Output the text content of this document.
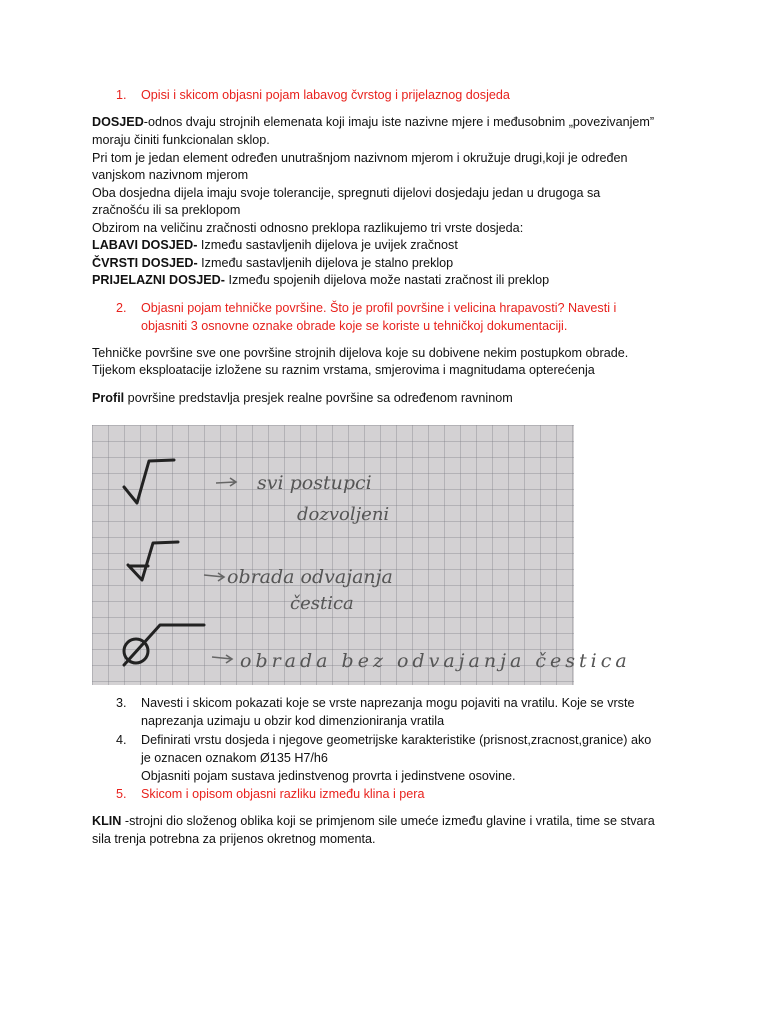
1. Opisi i skicom objasni pojam labavog čvrstog i prijelaznog dosjeda
DOSJED-odnos dvaju strojnih elemenata koji imaju iste nazivne mjere i međusobnim „povezivanjem”
moraju činiti funkcionalan sklop.
Pri tom je jedan element određen unutrašnjom nazivnom mjerom i okružuje drugi,koji je određen
vanjskom nazivnom mjerom
Oba dosjedna dijela imaju svoje tolerancije, spregnuti dijelovi dosjedaju jedan u drugoga sa
zračnošću ili sa preklopom
Obzirom na veličinu zračnosti odnosno preklopa razlikujemo tri vrste dosjeda:
LABAVI DOSJED- Između sastavljenih dijelova je uvijek zračnost
ČVRSTI DOSJED- Između sastavljenih dijelova je stalno preklop
PRIJELAZNI DOSJED- Između spojenih dijelova može nastati zračnost ili preklop
2. Objasni pojam tehničke površine. Što je profil površine i velicina hrapavosti? Navesti i
objasniti 3 osnovne oznake obrade koje se koriste u tehničkoj dokumentaciji.
Tehničke površine sve one površine strojnih dijelova koje su dobivene nekim postupkom obrade.
Tijekom eksploatacije izložene su raznim vrstama, smjerovima i magnitudama opterećenja
Profil površine predstavlja presjek realne površine sa određenom ravninom
svi postupci
dozvoljeni
obrada odvajanja
čestica
obrada bez odvajanja čestica
3. Navesti i skicom pokazati koje se vrste naprezanja mogu pojaviti na vratilu. Koje se vrste
naprezanja uzimaju u obzir kod dimenzioniranja vratila
4. Definirati vrstu dosjeda i njegove geometrijske karakteristike (prisnost,zracnost,granice) ako
je oznacen oznakom Ø135 H7/h6
Objasniti pojam sustava jedinstvenog provrta i jedinstvene osovine.
5. Skicom i opisom objasni razliku između klina i pera
KLIN -strojni dio složenog oblika koji se primjenom sile umeće između glavine i vratila, time se stvara
sila trenja potrebna za prijenos okretnog momenta.
